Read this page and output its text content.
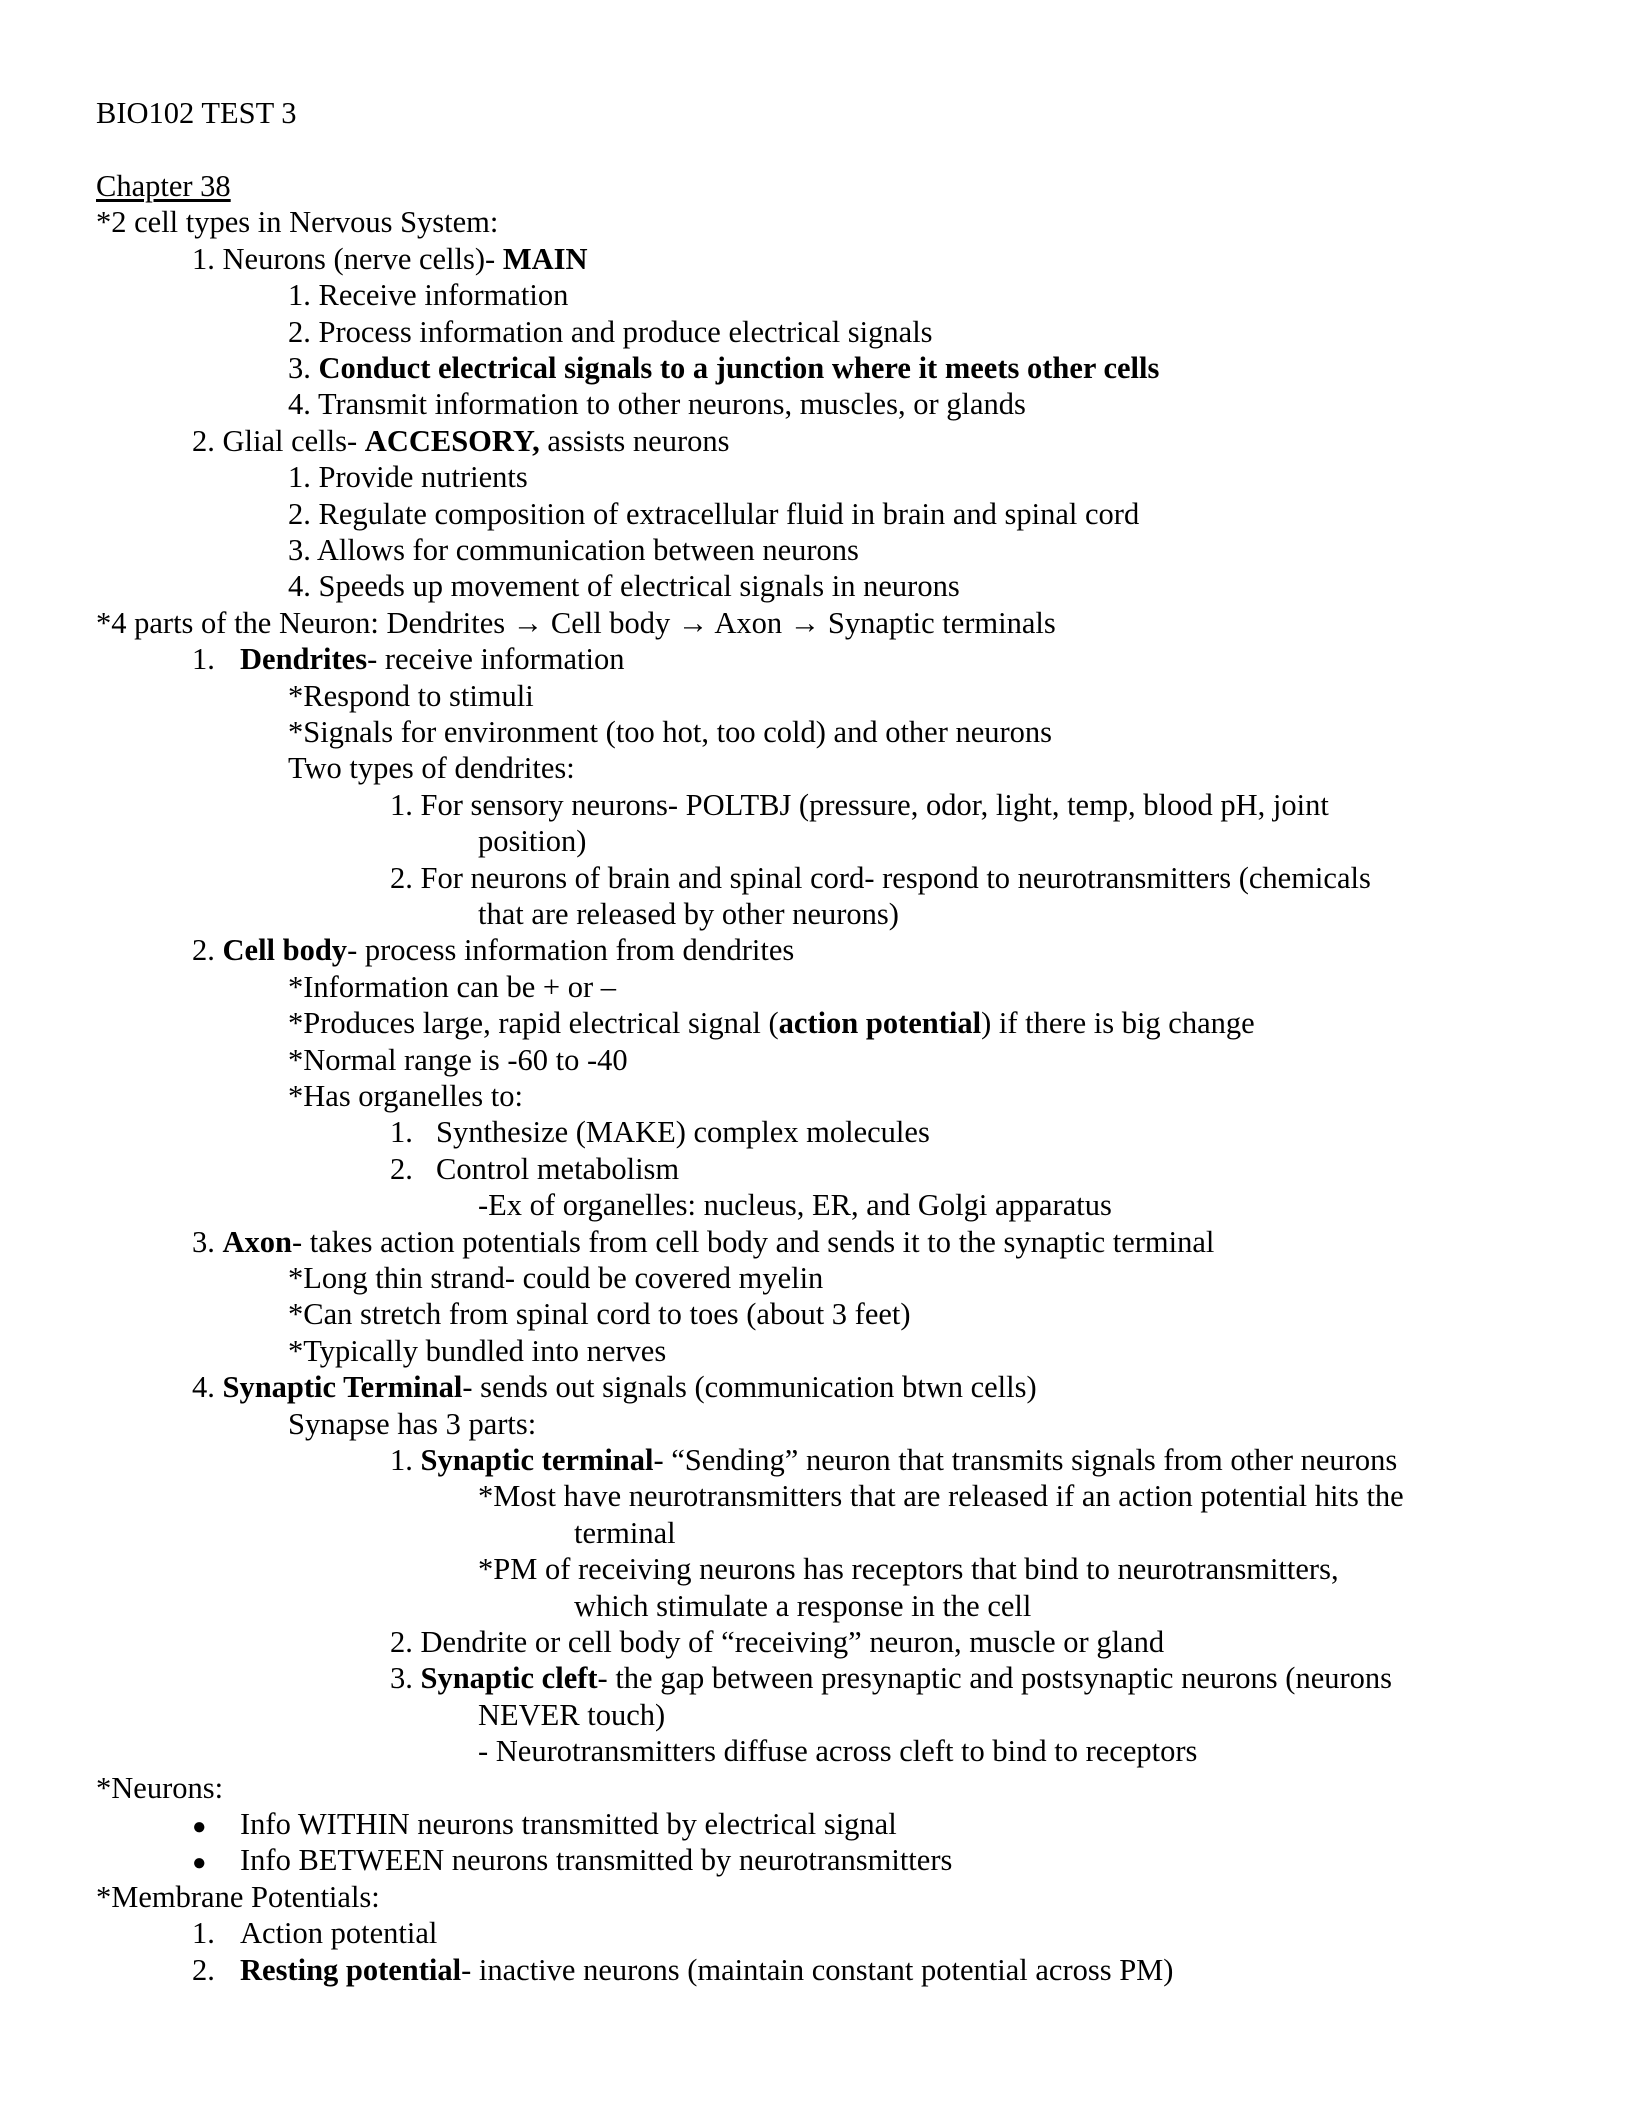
BIO102 TEST 3
Chapter 38
*2 cell types in Nervous System:
1. Neurons (nerve cells)- MAIN
1. Receive information
2. Process information and produce electrical signals
3. Conduct electrical signals to a junction where it meets other cells
4. Transmit information to other neurons, muscles, or glands
2. Glial cells- ACCESORY, assists neurons
1. Provide nutrients
2. Regulate composition of extracellular fluid in brain and spinal cord
3. Allows for communication between neurons
4. Speeds up movement of electrical signals in neurons
*4 parts of the Neuron: Dendrites → Cell body → Axon → Synaptic terminals
1. Dendrites- receive information
*Respond to stimuli
*Signals for environment (too hot, too cold) and other neurons
Two types of dendrites:
1. For sensory neurons- POLTBJ (pressure, odor, light, temp, blood pH, joint
position)
2. For neurons of brain and spinal cord- respond to neurotransmitters (chemicals
that are released by other neurons)
2. Cell body- process information from dendrites
*Information can be + or –
*Produces large, rapid electrical signal (action potential) if there is big change
*Normal range is -60 to -40
*Has organelles to:
1. Synthesize (MAKE) complex molecules
2. Control metabolism
-Ex of organelles: nucleus, ER, and Golgi apparatus
3. Axon- takes action potentials from cell body and sends it to the synaptic terminal
*Long thin strand- could be covered myelin
*Can stretch from spinal cord to toes (about 3 feet)
*Typically bundled into nerves
4. Synaptic Terminal- sends out signals (communication btwn cells)
Synapse has 3 parts:
1. Synaptic terminal- “Sending” neuron that transmits signals from other neurons
*Most have neurotransmitters that are released if an action potential hits the
terminal
*PM of receiving neurons has receptors that bind to neurotransmitters,
which stimulate a response in the cell
2. Dendrite or cell body of “receiving” neuron, muscle or gland
3. Synaptic cleft- the gap between presynaptic and postsynaptic neurons (neurons
NEVER touch)
- Neurotransmitters diffuse across cleft to bind to receptors
*Neurons:
● Info WITHIN neurons transmitted by electrical signal
● Info BETWEEN neurons transmitted by neurotransmitters
*Membrane Potentials:
1. Action potential
2. Resting potential- inactive neurons (maintain constant potential across PM)
